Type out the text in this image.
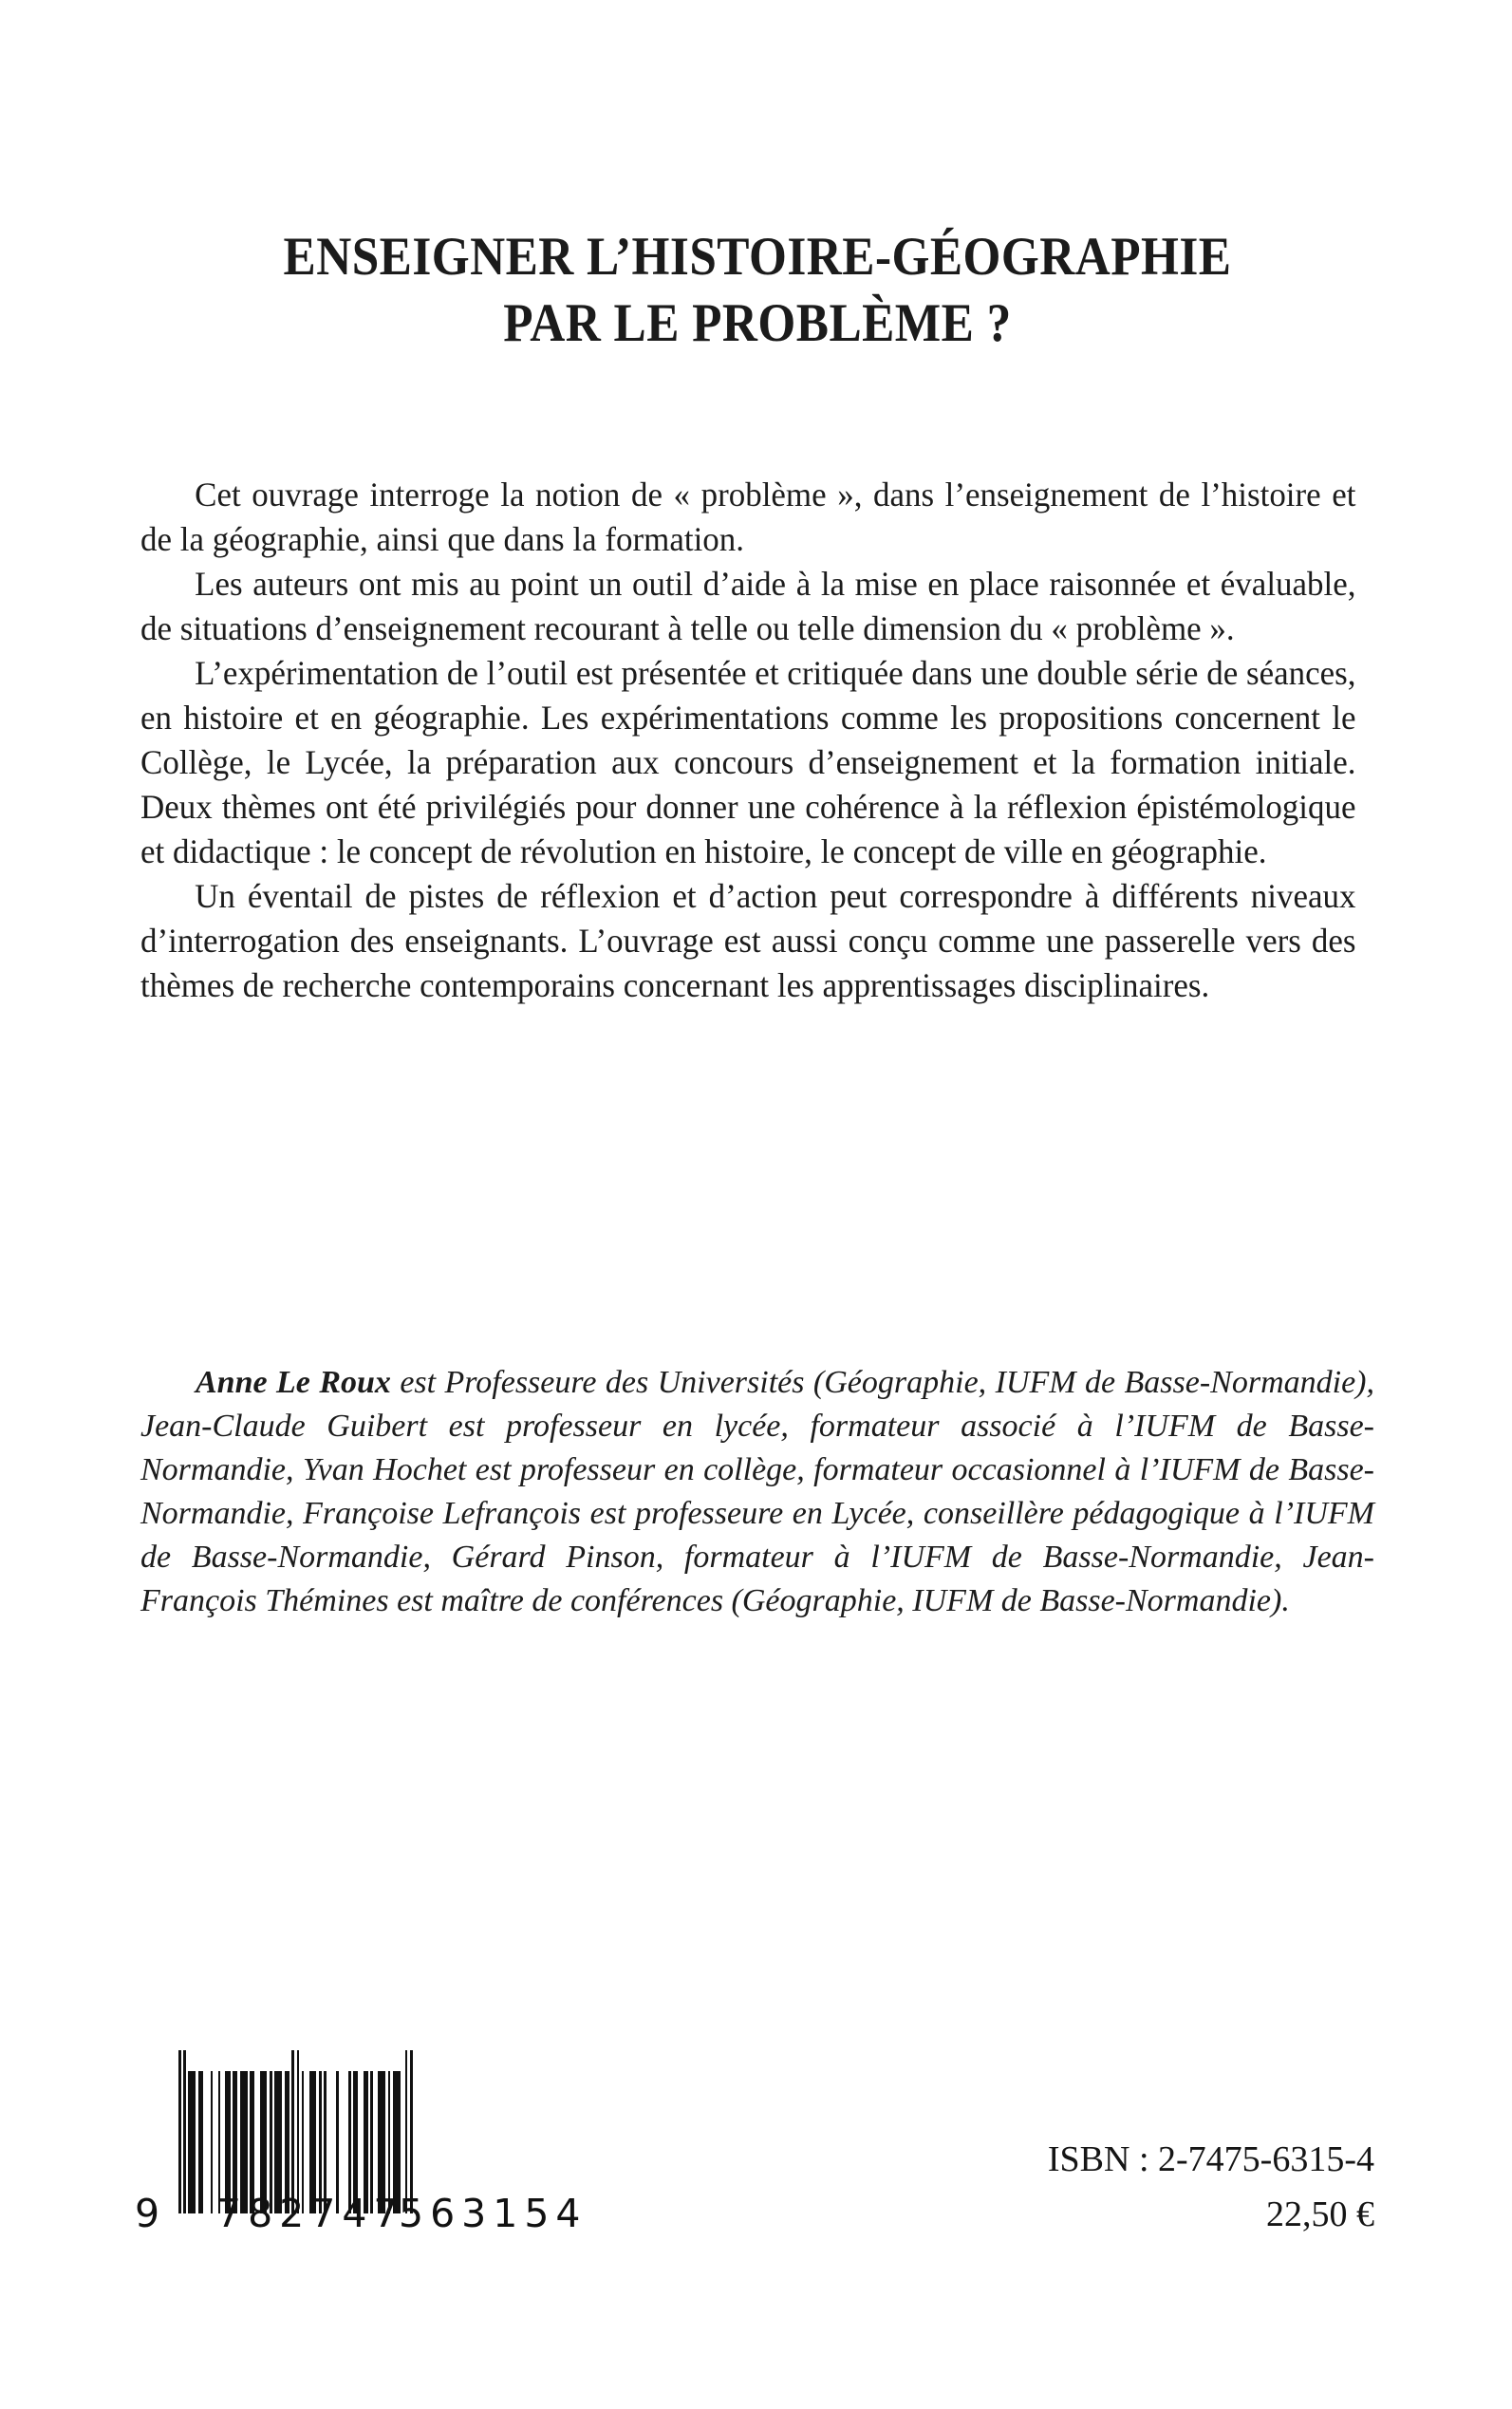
ENSEIGNER L’HISTOIRE-GÉOGRAPHIE
PAR LE PROBLÈME ?

Cet ouvrage interroge la notion de « problème », dans l’enseignement de l’histoire et de la géographie, ainsi que dans la formation.

Les auteurs ont mis au point un outil d’aide à la mise en place raisonnée et évaluable, de situations d’enseignement recourant à telle ou telle dimension du « problème ».

L’expérimentation de l’outil est présentée et critiquée dans une double série de séances, en histoire et en géographie. Les expérimentations comme les propositions concernent le Collège, le Lycée, la préparation aux concours d’enseignement et la formation initiale. Deux thèmes ont été privilégiés pour donner une cohérence à la réflexion épistémologique et didactique : le concept de révolution en histoire, le concept de ville en géographie.

Un éventail de pistes de réflexion et d’action peut correspondre à différents niveaux d’interrogation des enseignants. L’ouvrage est aussi conçu comme une passerelle vers des thèmes de recherche contemporains concernant les apprentissages disciplinaires.

Anne Le Roux est Professeure des Universités (Géographie, IUFM de Basse-Normandie), Jean-Claude Guibert est professeur en lycée, formateur associé à l’IUFM de Basse-Normandie, Yvan Hochet est professeur en collège, formateur occasionnel à l’IUFM de Basse-Normandie, Françoise Lefrançois est professeure en Lycée, conseillère pédagogique à l’IUFM de Basse-Normandie, Gérard Pinson, formateur à l’IUFM de Basse-Normandie, Jean-François Thémines est maître de conférences (Géographie, IUFM de Basse-Normandie).

9 782747
563154
ISBN : 2-7475-6315-4
22,50 €
